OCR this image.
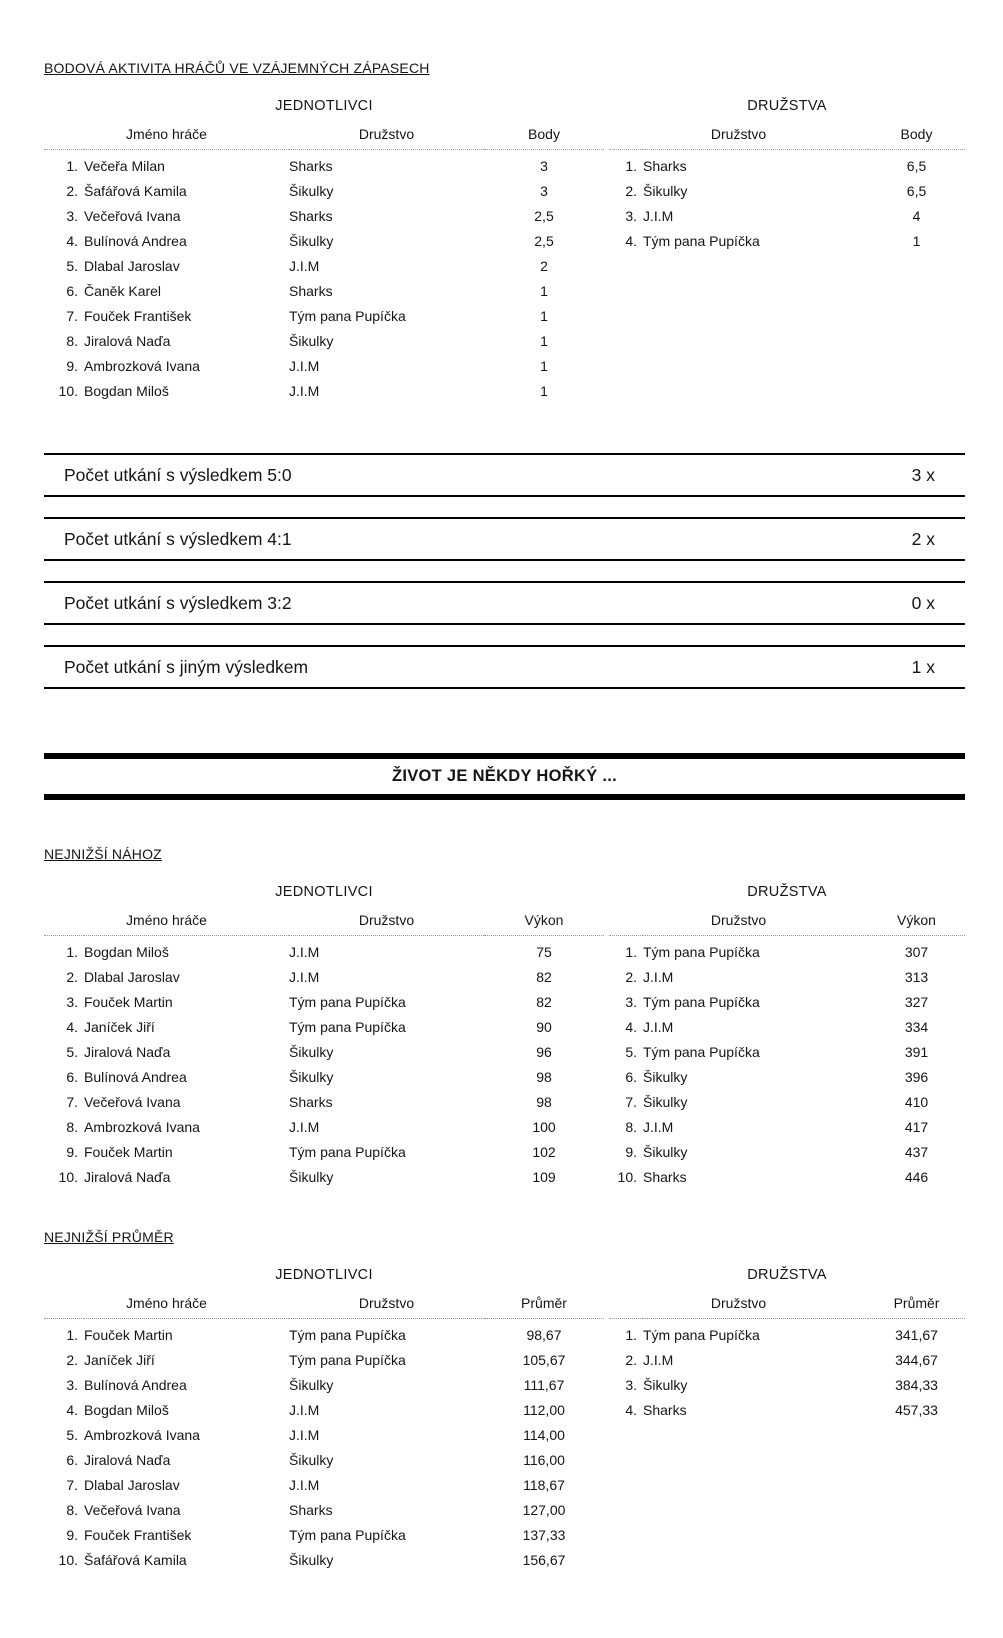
BODOVÁ AKTIVITA HRÁČŮ VE VZÁJEMNÝCH ZÁPASECH
JEDNOTLIVCI
Jméno hráče		Družstvo	Body
1.	Večeřa Milan	Sharks	3
2.	Šafářová Kamila	Šikulky	3
3.	Večeřová Ivana	Sharks	2,5
4.	Bulínová Andrea	Šikulky	2,5
5.	Dlabal Jaroslav	J.I.M	2
6.	Čaněk Karel	Sharks	1
7.	Fouček František	Tým pana Pupíčka	1
8.	Jiralová Naďa	Šikulky	1
9.	Ambrozková Ivana	J.I.M	1
10.	Bogdan Miloš	J.I.M	1
DRUŽSTVA
Družstvo		Body
1.	Sharks	6,5
2.	Šikulky	6,5
3.	J.I.M	4
4.	Tým pana Pupíčka	1
Počet utkání s výsledkem 5:0	3 x
Počet utkání s výsledkem 4:1	2 x
Počet utkání s výsledkem 3:2	0 x
Počet utkání s jiným výsledkem	1 x
ŽIVOT JE NĚKDY HOŘKÝ ...
NEJNIŽŠÍ NÁHOZ
JEDNOTLIVCI
Jméno hráče		Družstvo	Výkon
1.	Bogdan Miloš	J.I.M	75
2.	Dlabal Jaroslav	J.I.M	82
3.	Fouček Martin	Tým pana Pupíčka	82
4.	Janíček Jiří	Tým pana Pupíčka	90
5.	Jiralová Naďa	Šikulky	96
6.	Bulínová Andrea	Šikulky	98
7.	Večeřová Ivana	Sharks	98
8.	Ambrozková Ivana	J.I.M	100
9.	Fouček Martin	Tým pana Pupíčka	102
10.	Jiralová Naďa	Šikulky	109
DRUŽSTVA
Družstvo		Výkon
1.	Tým pana Pupíčka	307
2.	J.I.M	313
3.	Tým pana Pupíčka	327
4.	J.I.M	334
5.	Tým pana Pupíčka	391
6.	Šikulky	396
7.	Šikulky	410
8.	J.I.M	417
9.	Šikulky	437
10.	Sharks	446
NEJNIŽŠÍ PRŮMĚR
JEDNOTLIVCI
Jméno hráče		Družstvo	Průměr
1.	Fouček Martin	Tým pana Pupíčka	98,67
2.	Janíček Jiří	Tým pana Pupíčka	105,67
3.	Bulínová Andrea	Šikulky	111,67
4.	Bogdan Miloš	J.I.M	112,00
5.	Ambrozková Ivana	J.I.M	114,00
6.	Jiralová Naďa	Šikulky	116,00
7.	Dlabal Jaroslav	J.I.M	118,67
8.	Večeřová Ivana	Sharks	127,00
9.	Fouček František	Tým pana Pupíčka	137,33
10.	Šafářová Kamila	Šikulky	156,67
DRUŽSTVA
Družstvo		Průměr
1.	Tým pana Pupíčka	341,67
2.	J.I.M	344,67
3.	Šikulky	384,33
4.	Sharks	457,33
